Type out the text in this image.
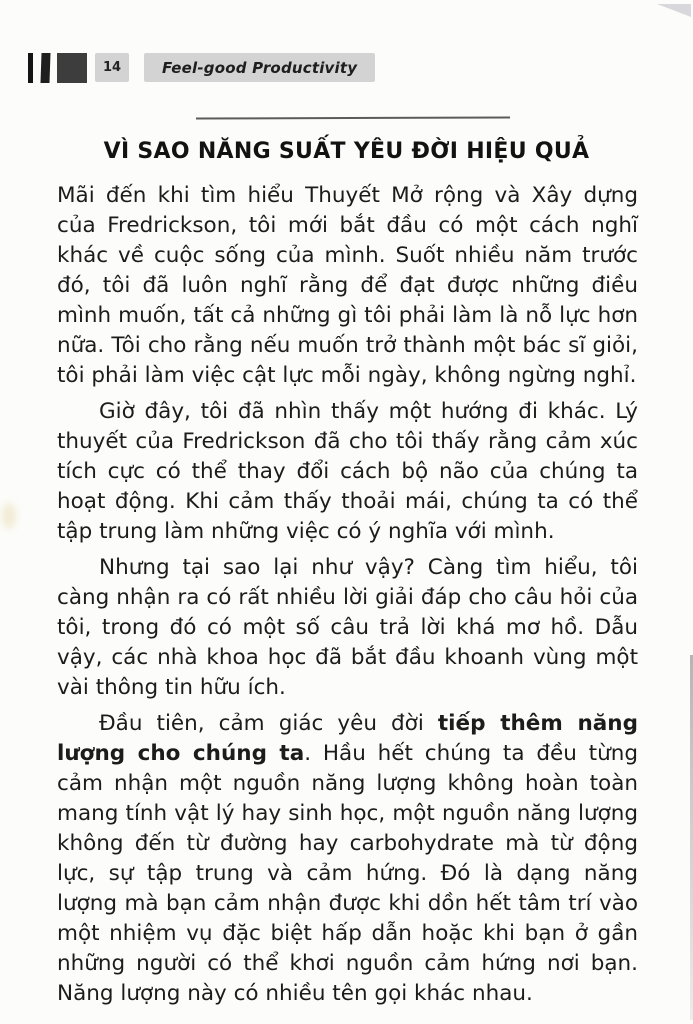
14	Feel-good Productivity
VÌ SAO NĂNG SUẤT YÊU ĐỜI HIỆU QUẢ

Mãi đến khi tìm hiểu Thuyết Mở rộng và Xây dựng của Fredrickson, tôi mới bắt đầu có một cách nghĩ khác về cuộc sống của mình. Suốt nhiều năm trước đó, tôi đã luôn nghĩ rằng để đạt được những điều mình muốn, tất cả những gì tôi phải làm là nỗ lực hơn nữa. Tôi cho rằng nếu muốn trở thành một bác sĩ giỏi, tôi phải làm việc cật lực mỗi ngày, không ngừng nghỉ.

Giờ đây, tôi đã nhìn thấy một hướng đi khác. Lý thuyết của Fredrickson đã cho tôi thấy rằng cảm xúc tích cực có thể thay đổi cách bộ não của chúng ta hoạt động. Khi cảm thấy thoải mái, chúng ta có thể tập trung làm những việc có ý nghĩa với mình.

Nhưng tại sao lại như vậy? Càng tìm hiểu, tôi càng nhận ra có rất nhiều lời giải đáp cho câu hỏi của tôi, trong đó có một số câu trả lời khá mơ hồ. Dẫu vậy, các nhà khoa học đã bắt đầu khoanh vùng một vài thông tin hữu ích.

Đầu tiên, cảm giác yêu đời tiếp thêm năng lượng cho chúng ta. Hầu hết chúng ta đều từng cảm nhận một nguồn năng lượng không hoàn toàn mang tính vật lý hay sinh học, một nguồn năng lượng không đến từ đường hay carbohydrate mà từ động lực, sự tập trung và cảm hứng. Đó là dạng năng lượng mà bạn cảm nhận được khi dồn hết tâm trí vào một nhiệm vụ đặc biệt hấp dẫn hoặc khi bạn ở gần những người có thể khơi nguồn cảm hứng nơi bạn. Năng lượng này có nhiều tên gọi khác nhau.
